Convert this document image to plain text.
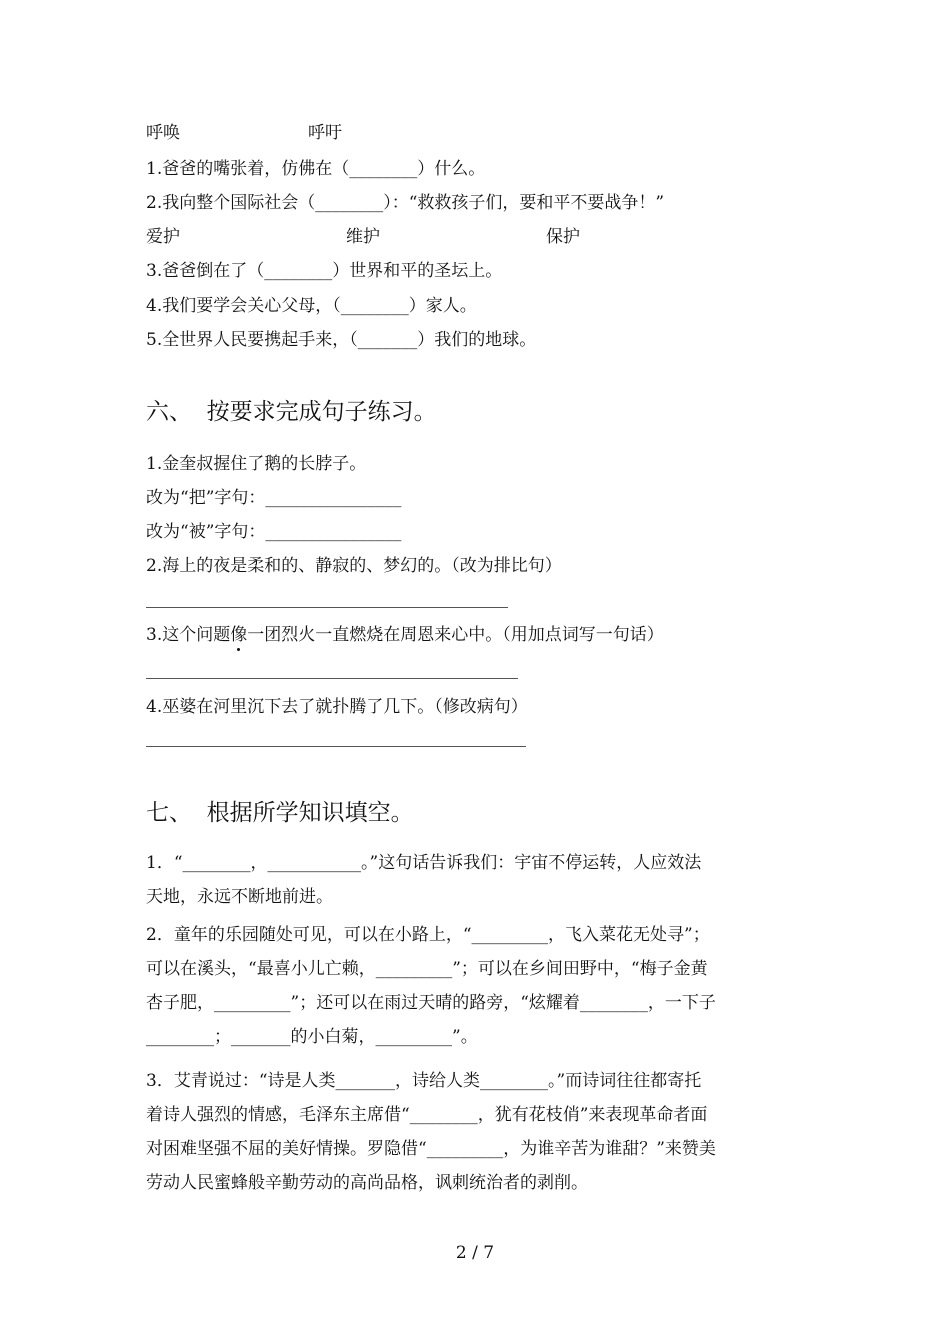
呼唤

	呼吁

1.爸爸的嘴张着，仿佛在（________）什么。
2.我向整个国际社会（________）：“救救孩子们，要和平不要战争！”

爱护

	维护

	保护

3.爸爸倒在了（________）世界和平的圣坛上。
4.我们要学会关心父母，（________）家人。
5.全世界人民要携起手来，（_______）我们的地球。
六、  按要求完成句子练习。
1.金奎叔握住了鹅的长脖子。
改为“把”字句：________________
改为“被”字句：________________
2.海上的夜是柔和的、静寂的、梦幻的。（改为排比句）
3.这个问题像一团烈火一直燃烧在周恩来心中。（用加点词写一句话）
4.巫婆在河里沉下去了就扑腾了几下。（修改病句）
七、  根据所学知识填空。
1．“________，___________。”这句话告诉我们：宇宙不停运转，人应效法
天地，永远不断地前进。
2．童年的乐园随处可见，可以在小路上，“_________，飞入菜花无处寻”；
可以在溪头，“最喜小儿亡赖，_________”；可以在乡间田野中，“梅子金黄
杏子肥，_________”；还可以在雨过天晴的路旁，“炫耀着________，一下子
________；_______的小白菊，_________”。
3．艾青说过：“诗是人类_______，诗给人类________。”而诗词往往都寄托
着诗人强烈的情感，毛泽东主席借“________，犹有花枝俏”来表现革命者面
对困难坚强不屈的美好情操。罗隐借“_________，为谁辛苦为谁甜？”来赞美
劳动人民蜜蜂般辛勤劳动的高尚品格，讽刺统治者的剥削。
2 / 7
